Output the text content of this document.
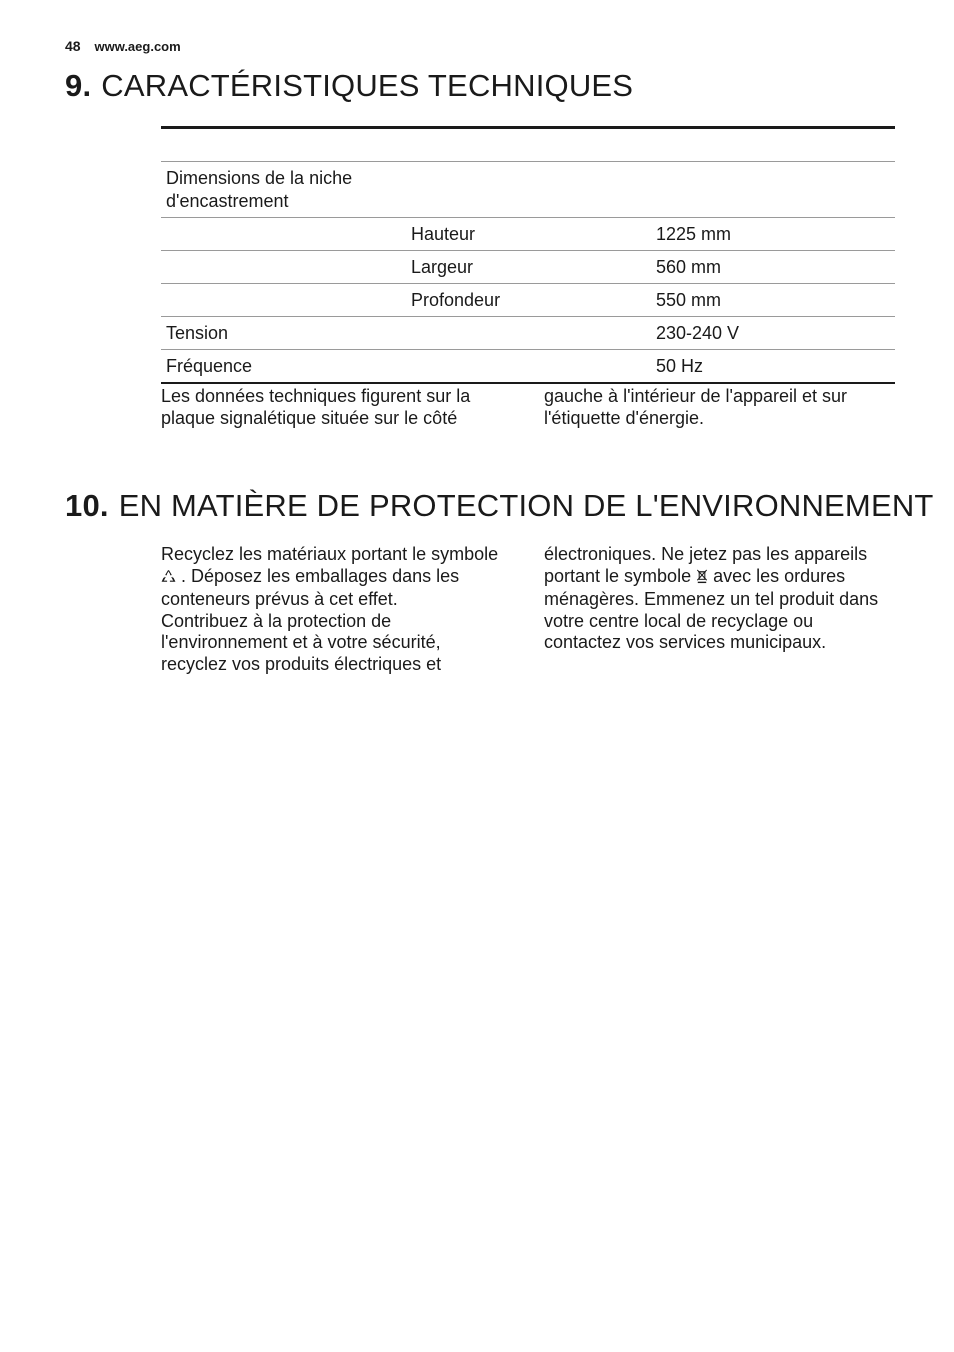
48 www.aeg.com
9. CARACTÉRISTIQUES TECHNIQUES

Dimensions de la niche d'encastrement		

	Hauteur	1225 mm
	Largeur	560 mm
	Profondeur	550 mm
Tension		230-240 V
Fréquence		50 Hz

Les données techniques figurent sur la plaque signalétique située sur le côté

gauche à l'intérieur de l'appareil et sur l'étiquette d'énergie.

10. EN MATIÈRE DE PROTECTION DE L'ENVIRONNEMENT

Recyclez les matériaux portant le symbole  . Déposez les emballages dans les conteneurs prévus à cet effet.

Contribuez à la protection de l'environnement et à votre sécurité, recyclez vos produits électriques et

électroniques. Ne jetez pas les appareils portant le symbole avec les ordures ménagères. Emmenez un tel produit dans votre centre local de recyclage ou contactez vos services municipaux.
